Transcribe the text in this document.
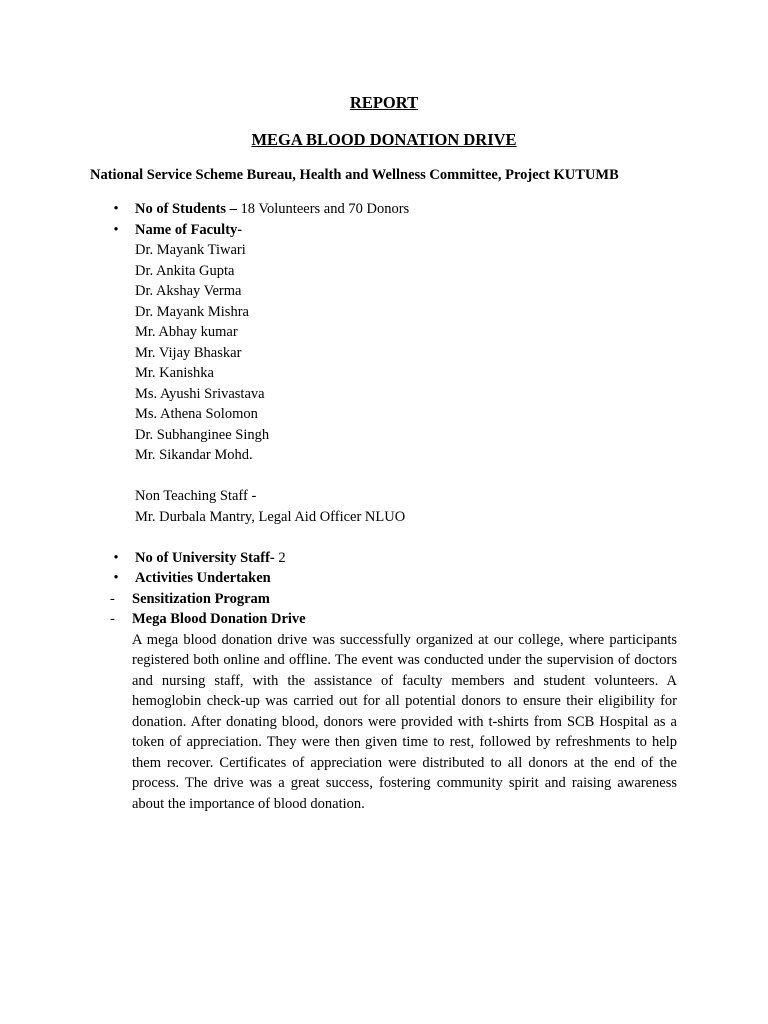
REPORT
MEGA BLOOD DONATION DRIVE

National Service Scheme Bureau, Health and Wellness Committee, Project KUTUMB

• No of Students – 18 Volunteers and 70 Donors
• Name of Faculty-
Dr. Mayank Tiwari
Dr. Ankita Gupta
Dr. Akshay Verma
Dr. Mayank Mishra
Mr. Abhay kumar
Mr. Vijay Bhaskar
Mr. Kanishka
Ms. Ayushi Srivastava
Ms. Athena Solomon
Dr. Subhanginee Singh
Mr. Sikandar Mohd.
Non Teaching Staff -
Mr. Durbala Mantry, Legal Aid Officer NLUO
• No of University Staff- 2
• Activities Undertaken
- Sensitization Program
- Mega Blood Donation Drive

A mega blood donation drive was successfully organized at our college, where participants registered both online and offline. The event was conducted under the supervision of doctors and nursing staff, with the assistance of faculty members and student volunteers. A hemoglobin check-up was carried out for all potential donors to ensure their eligibility for donation. After donating blood, donors were provided with t-shirts from SCB Hospital as a token of appreciation. They were then given time to rest, followed by refreshments to help them recover. Certificates of appreciation were distributed to all donors at the end of the process. The drive was a great success, fostering community spirit and raising awareness about the importance of blood donation.
